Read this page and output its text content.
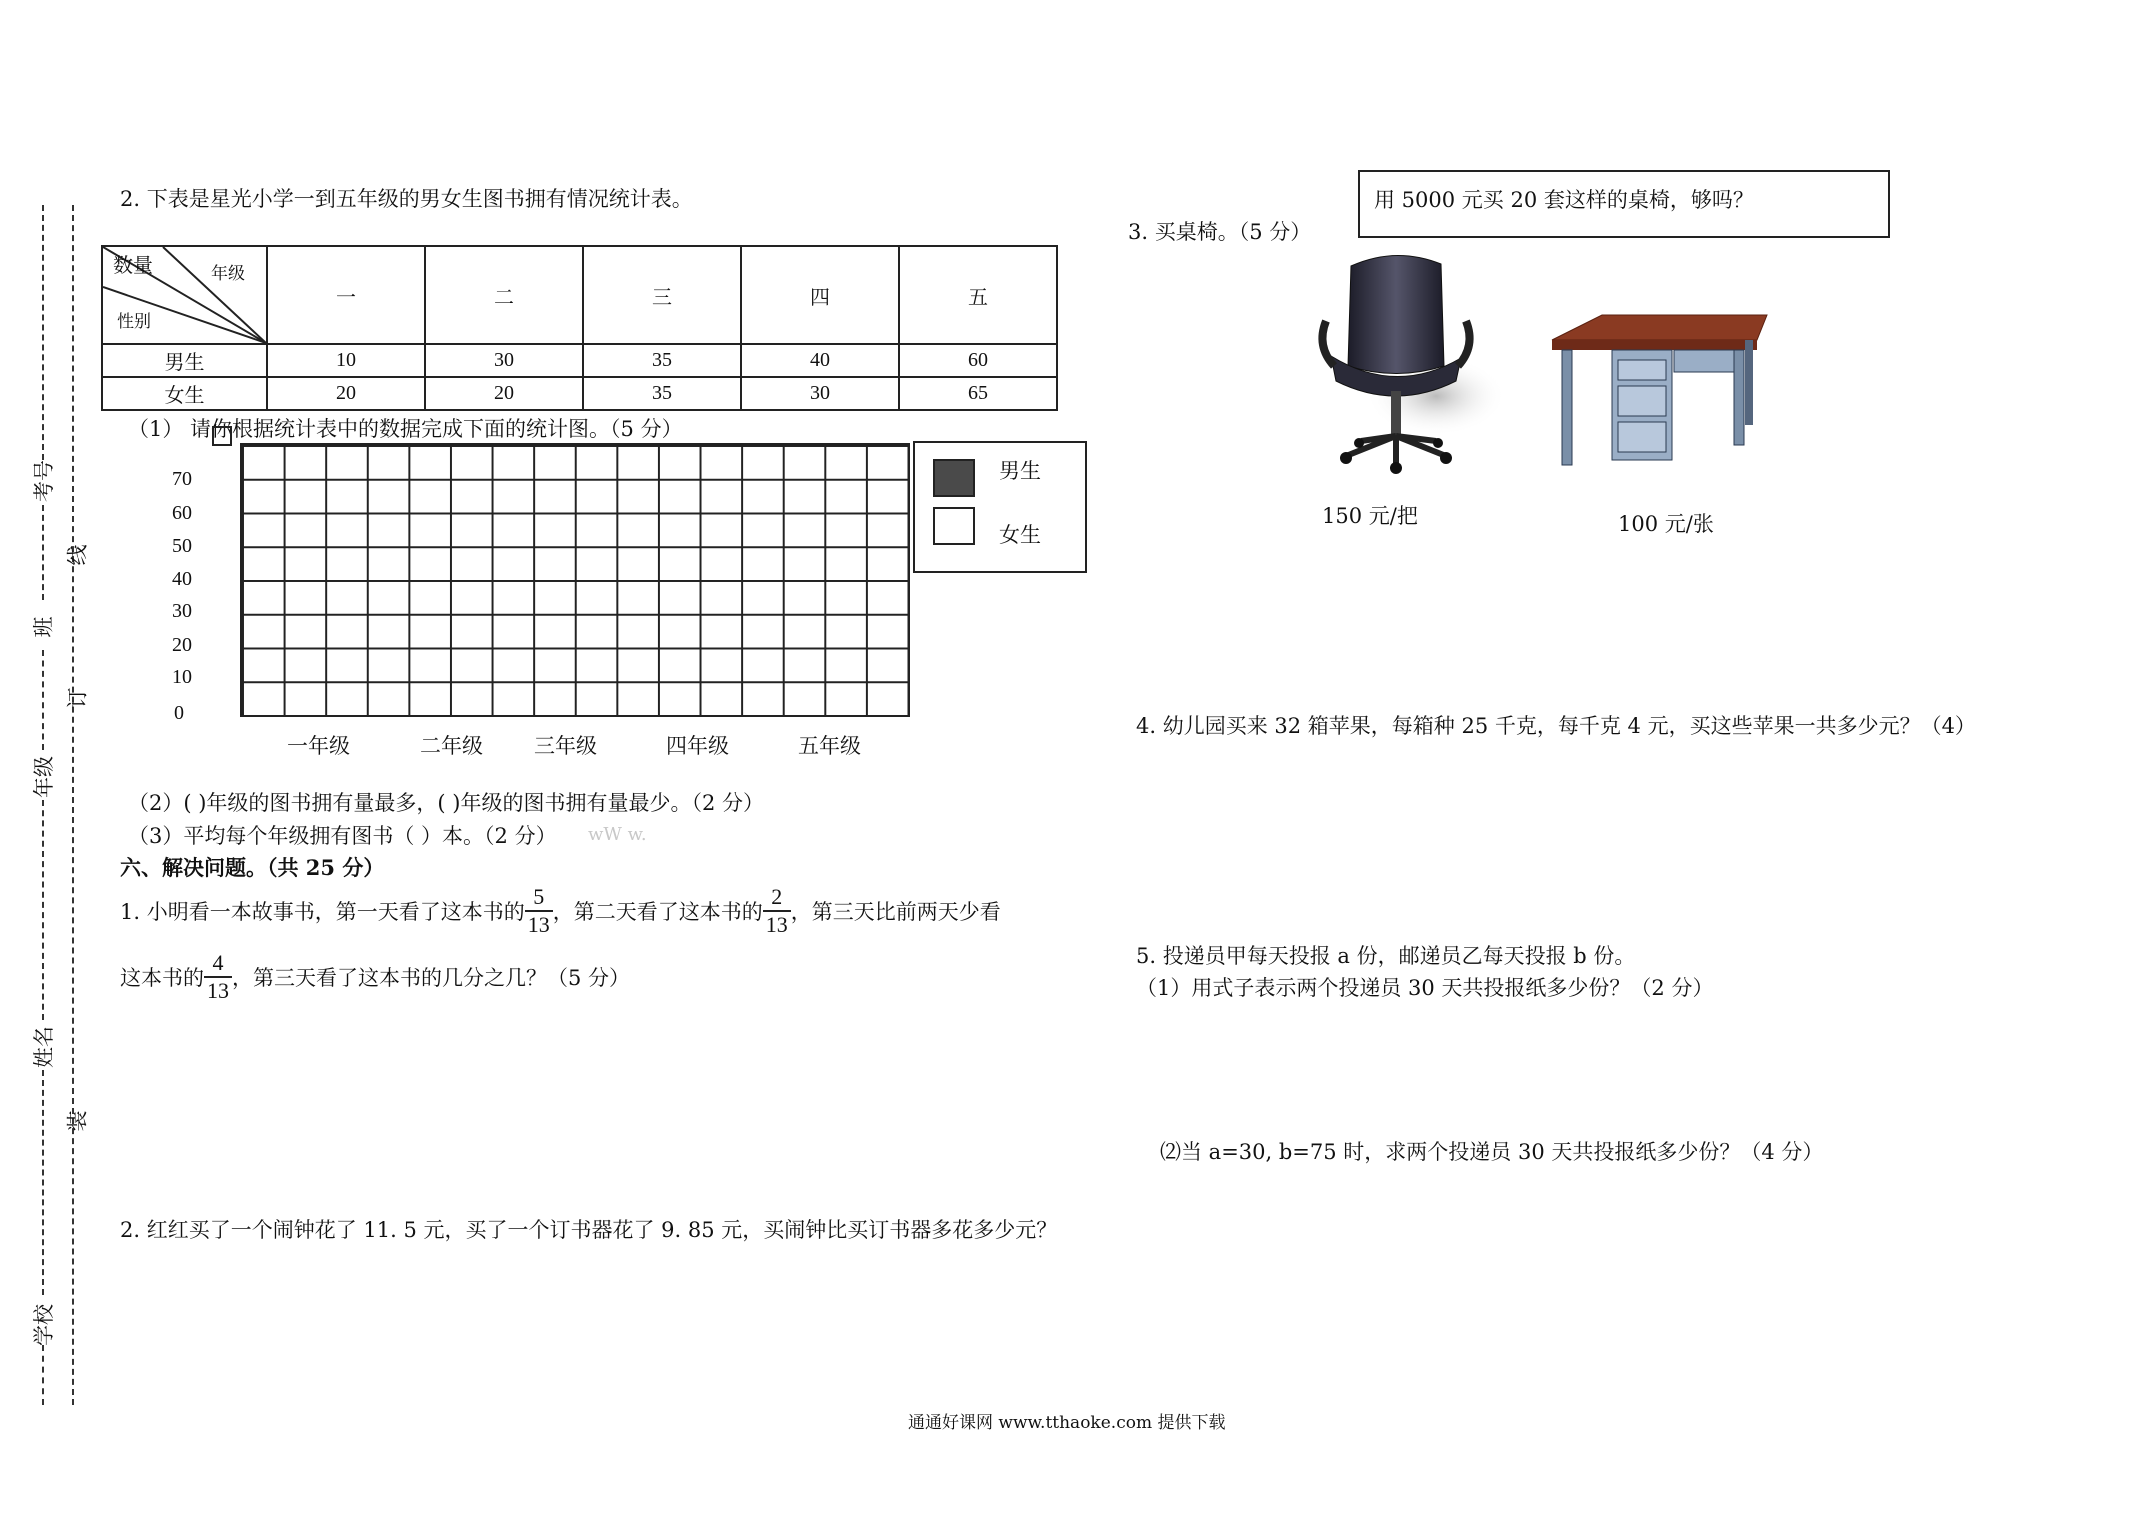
考号
班
年级
姓名
学校
线
订
装
2. 下表是星光小学一到五年级的男女生图书拥有情况统计表。
数量 年级
性别	一	二	三	四	五
男生	10	30	35	40	60
女生	20	20	35	30	65
（1） 请你根据统计表中的数据完成下面的统计图。（5 分）
70
60
50
40
30
20
10
0
一年级	二年级 三年级	四年级	五年级
男生
女生
（2）( )年级的图书拥有量最多，( )年级的图书拥有量最少。（2 分）
（3）平均每个年级拥有图书（ ）本。（2 分） wW w.
六、解决问题。（共 25 分）
1. 小明看一本故事书，第一天看了这本书的 $\frac{5}{13}$ ，第二天看了这本书的 $\frac{2}{13}$ ，第三天比前两天少看
这本书的 $\frac{4}{13}$ ，第三天看了这本书的几分之几？（5 分）
2. 红红买了一个闹钟花了 11. 5 元，买了一个订书器花了 9. 85 元，买闹钟比买订书器多花多少元？
用 5000 元买 20 套这样的桌椅，够吗？
3. 买桌椅。（5 分）
150 元/把	100 元/张
4. 幼儿园买来 32 箱苹果，每箱种 25 千克，每千克 4 元，买这些苹果一共多少元？（4）
5. 投递员甲每天投报 a 份，邮递员乙每天投报 b 份。
（1）用式子表示两个投递员 30 天共投报纸多少份？（2 分）
⑵当 a=30, b=75 时，求两个投递员 30 天共投报纸多少份？（4 分）
通通好课网 www.tthaoke.com 提供下载
